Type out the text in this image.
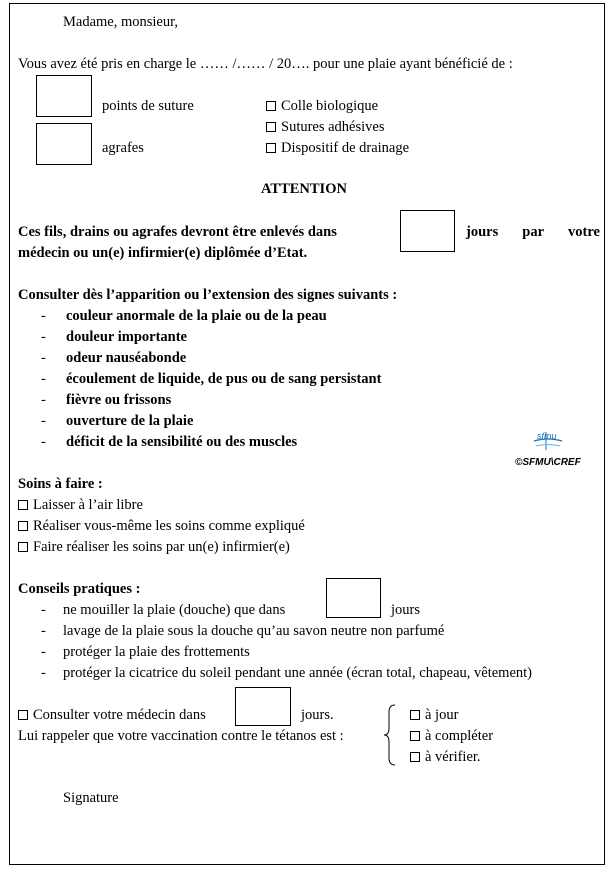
Madame, monsieur,
Vous avez été pris en charge le …… /…… / 20…. pour une plaie ayant bénéficié de :
points de suture
agrafes
Colle biologique
Sutures adhésives
Dispositif de drainage
ATTENTION
Ces fils, drains ou agrafes devront être enlevés dans	jours par votre
médecin ou un(e) infirmier(e) diplômée d’Etat.
Consulter dès l’apparition ou l’extension des signes suivants :
- couleur anormale de la plaie ou de la peau
- douleur importante
- odeur nauséabonde
- écoulement de liquide, de pus ou de sang persistant
- fièvre ou frissons
- ouverture de la plaie
- déficit de la sensibilité ou des muscles	sfmu
©SFMU\CREF
Soins à faire :
Laisser à l’air libre
Réaliser vous-même les soins comme expliqué
Faire réaliser les soins par un(e) infirmier(e)
Conseils pratiques :
- ne mouiller la plaie (douche) que dans	jours
- lavage de la plaie sous la douche qu’au savon neutre non parfumé
- protéger la plaie des frottements
- protéger la cicatrice du soleil pendant une année (écran total, chapeau, vêtement)
Consulter votre médecin dans	jours.
Lui rappeler que votre vaccination contre le tétanos est :
à jour
à compléter
à vérifier.
Signature
